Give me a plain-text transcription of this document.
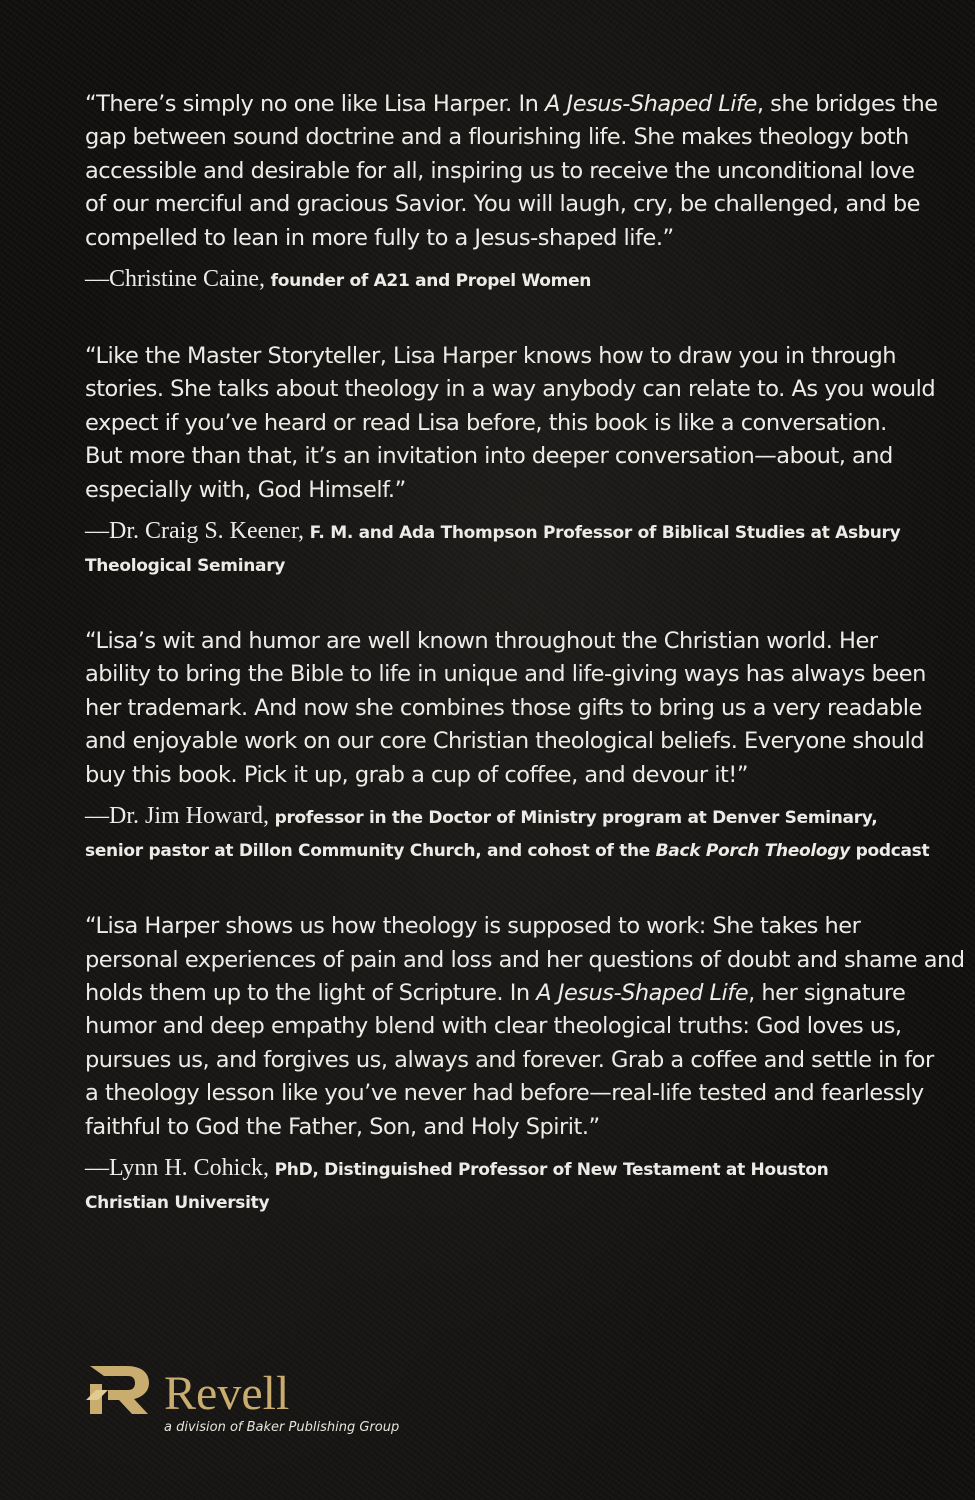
“There’s simply no one like Lisa Harper. In A Jesus-Shaped Life, she bridges the
gap between sound doctrine and a flourishing life. She makes theology both
accessible and desirable for all, inspiring us to receive the unconditional love
of our merciful and gracious Savior. You will laugh, cry, be challenged, and be
compelled to lean in more fully to a Jesus-shaped life.”

—Christine Caine, founder of A21 and Propel Women

“Like the Master Storyteller, Lisa Harper knows how to draw you in through
stories. She talks about theology in a way anybody can relate to. As you would
expect if you’ve heard or read Lisa before, this book is like a conversation.
But more than that, it’s an invitation into deeper conversation—about, and
especially with, God Himself.”

—Dr. Craig S. Keener, F. M. and Ada Thompson Professor of Biblical Studies at Asbury
Theological Seminary

“Lisa’s wit and humor are well known throughout the Christian world. Her
ability to bring the Bible to life in unique and life-giving ways has always been
her trademark. And now she combines those gifts to bring us a very readable
and enjoyable work on our core Christian theological beliefs. Everyone should
buy this book. Pick it up, grab a cup of coffee, and devour it!”

—Dr. Jim Howard, professor in the Doctor of Ministry program at Denver Seminary,
senior pastor at Dillon Community Church, and cohost of the Back Porch Theology podcast

“Lisa Harper shows us how theology is supposed to work: She takes her
personal experiences of pain and loss and her questions of doubt and shame and
holds them up to the light of Scripture. In A Jesus-Shaped Life, her signature
humor and deep empathy blend with clear theological truths: God loves us,
pursues us, and forgives us, always and forever. Grab a coffee and settle in for
a theology lesson like you’ve never had before—real-life tested and fearlessly
faithful to God the Father, Son, and Holy Spirit.”

—Lynn H. Cohick, PhD, Distinguished Professor of New Testament at Houston
Christian University
Revell
a division of Baker Publishing Group
